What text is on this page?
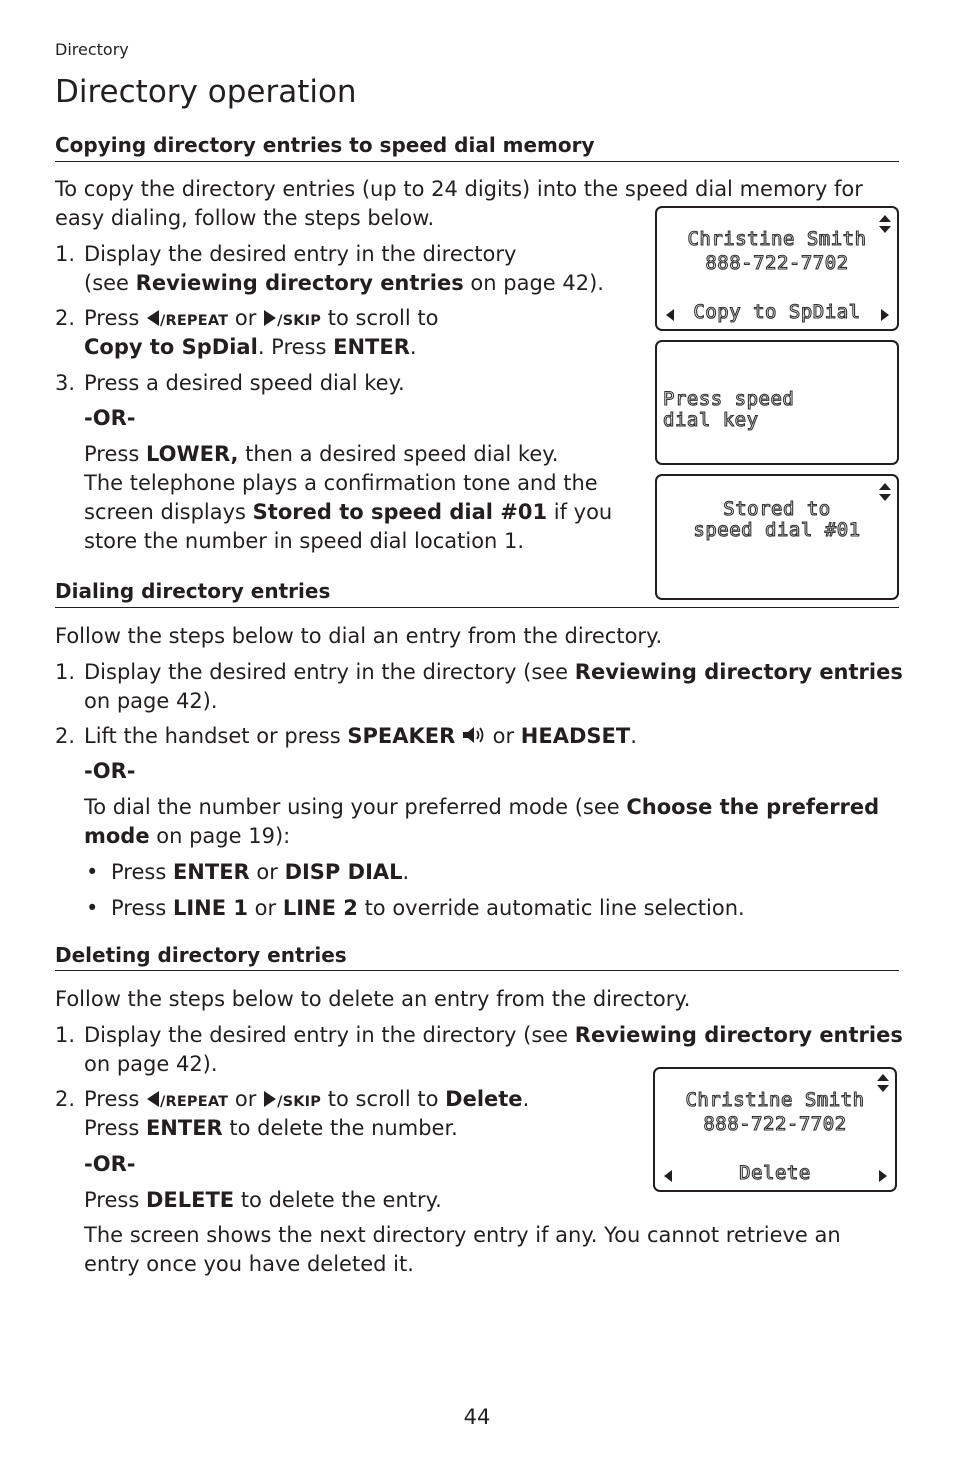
Directory
Directory operation
Copying directory entries to speed dial memory
To copy the directory entries (up to 24 digits) into the speed dial memory for
easy dialing, follow the steps below.
1. Display the desired entry in the directory
(see Reviewing directory entries on page 42).
2. Press /REPEAT or /SKIP to scroll to
Copy to SpDial. Press ENTER.
3. Press a desired speed dial key.
-OR-
Press LOWER, then a desired speed dial key.
The telephone plays a confirmation tone and the
screen displays Stored to speed dial #01 if you
store the number in speed dial location 1.
Christine Smith
888-722-7702
Copy to SpDial
Press speed
dial key
Stored to
speed dial #01
Dialing directory entries
Follow the steps below to dial an entry from the directory.
1. Display the desired entry in the directory (see Reviewing directory entries
on page 42).
2. Lift the handset or press SPEAKER  or HEADSET.
-OR-
To dial the number using your preferred mode (see Choose the preferred
mode on page 19):
• Press ENTER or DISP DIAL.
• Press LINE 1 or LINE 2 to override automatic line selection.
Deleting directory entries
Follow the steps below to delete an entry from the directory.
1. Display the desired entry in the directory (see Reviewing directory entries
on page 42).
2. Press /REPEAT or /SKIP to scroll to Delete.
Press ENTER to delete the number.
-OR-
Press DELETE to delete the entry.
The screen shows the next directory entry if any. You cannot retrieve an
entry once you have deleted it.
Christine Smith
888-722-7702
Delete
44
